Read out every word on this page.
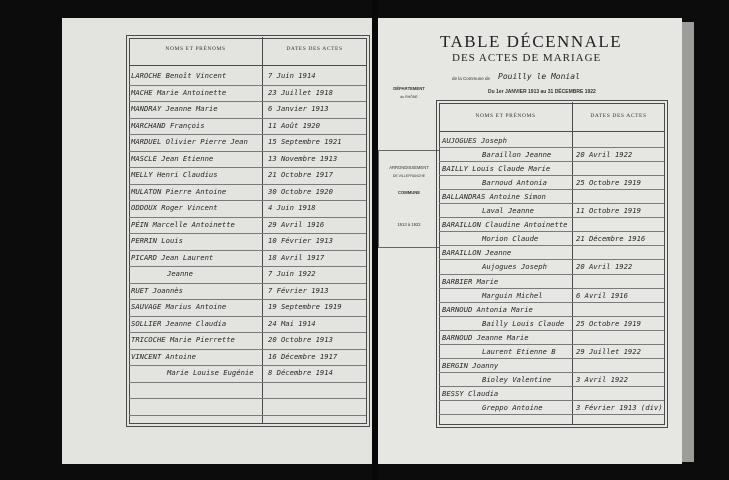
NOMS ET PRÉNOMS	DATES DES ACTES
LAROCHE Benoît Vincent	7 Juin 1914
MACHE Marie Antoinette	23 Juillet 1918
MANDRAY Jeanne Marie	6 Janvier 1913
MARCHAND François	11 Août 1920
MARDUEL Olivier Pierre Jean	15 Septembre 1921
MASCLE Jean Etienne	13 Novembre 1913
MELLY Henri Claudius	21 Octobre 1917
MULATON Pierre Antoine	30 Octobre 1920
ODDOUX Roger Vincent	4 Juin 1918
PÉIN Marcelle Antoinette	29 Avril 1916
PERRIN Louis	10 Février 1913
PICARD Jean Laurent	18 Avril 1917
Jeanne	7 Juin 1922
RUET Joannès	7 Février 1913
SAUVAGE Marius Antoine	19 Septembre 1919
SOLLIER Jeanne Claudia	24 Mai 1914
TRICOCHE Marie Pierrette	20 Octobre 1913
VINCENT Antoine	16 Décembre 1917
Marie Louise Eugénie 8 Décembre 1914
TABLE DÉCENNALE
DES ACTES DE MARIAGE
de la Commune de Pouilly le Monial
Du 1er JANVIER 1913 au 31 DÉCEMBRE 1922
DÉPARTEMENT
du RHÔNE
ARRONDISSEMENT
DE VILLEFRANCHE
COMMUNE
1913 à 1922
NOMS ET PRÉNOMS	DATES DES ACTES
AUJOGUES Joseph
Baraillon Jeanne	20 Avril 1922
BAILLY Louis Claude Marie
Barnoud Antonia	25 Octobre 1919
BALLANDRAS Antoine Simon
Laval Jeanne	11 Octobre 1919
BARAILLON Claudine Antoinette
Morion Claude	21 Décembre 1916
BARAILLON Jeanne
Aujogues Joseph	20 Avril 1922
BARBIER Marie
Marguin Michel	6 Avril 1916
BARNOUD Antonia Marie
Bailly Louis Claude 25 Octobre 1919
BARNOUD Jeanne Marie
Laurent Etienne B	29 Juillet 1922
BERGIN Joanny
Bioley Valentine	3 Avril 1922
BESSY Claudia
Greppo Antoine	3 Février 1913 (div)
